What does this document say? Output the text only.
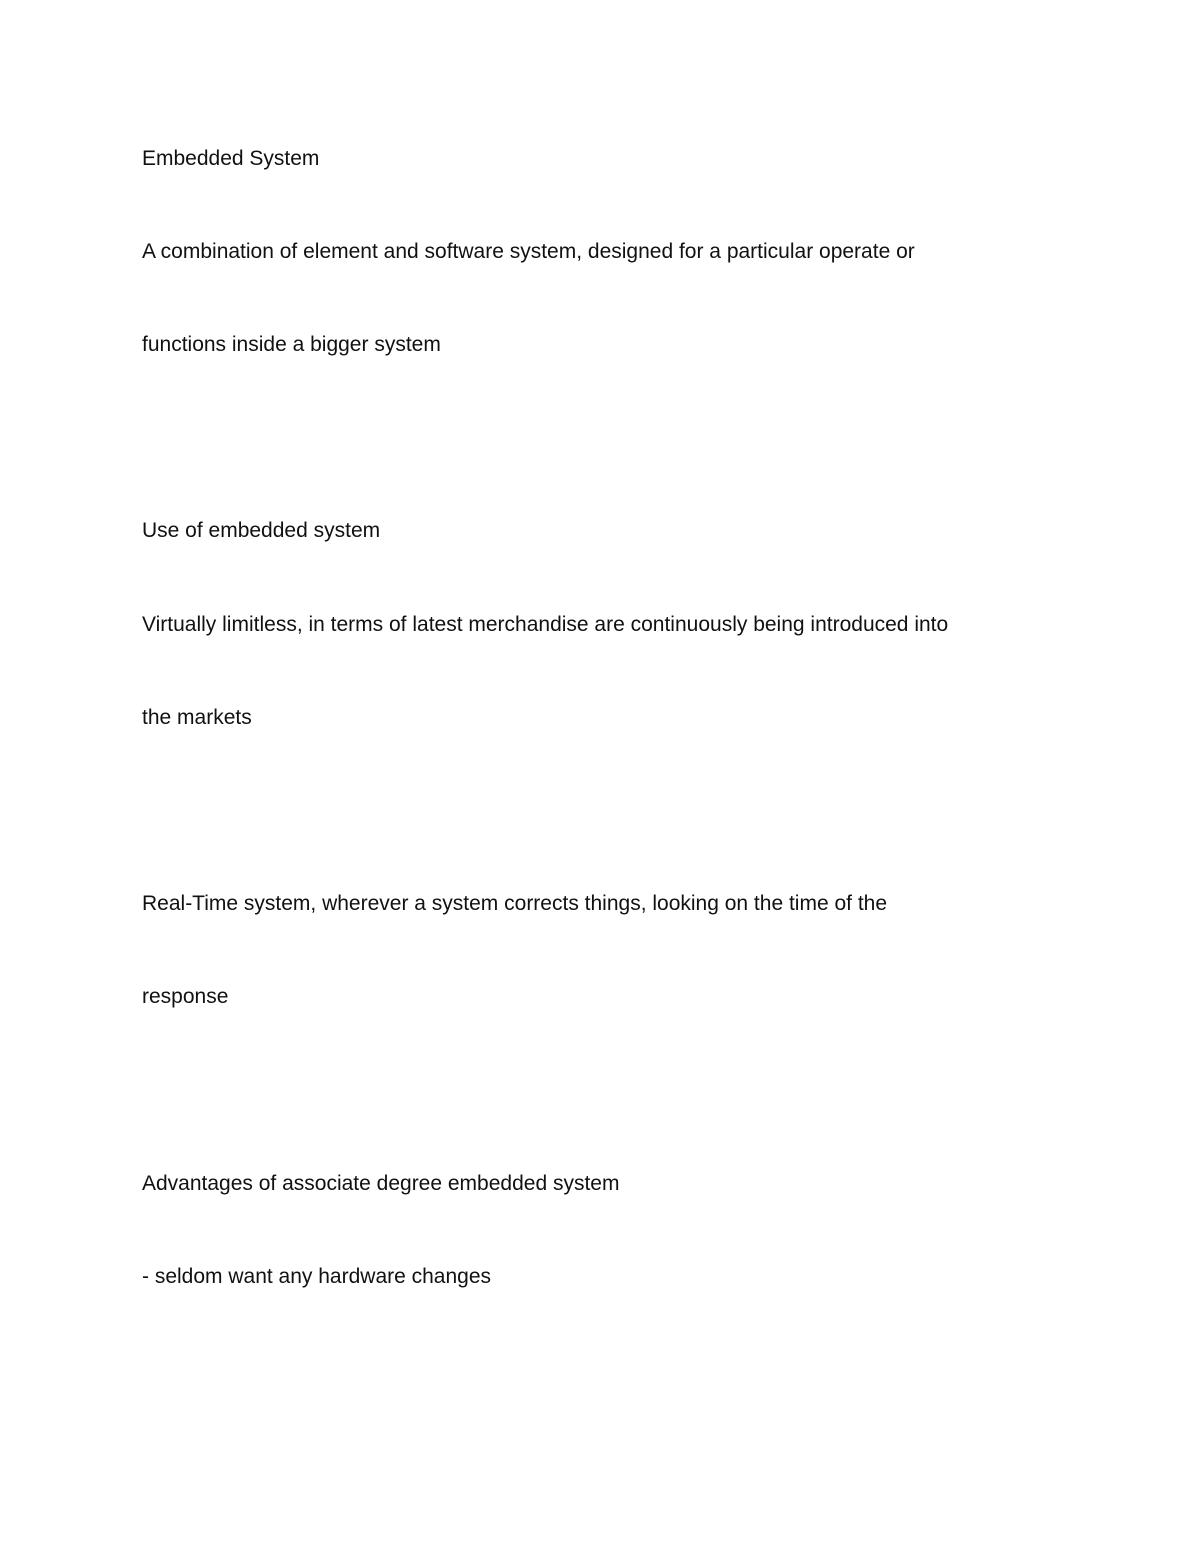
Embedded System

A combination of element and software system, designed for a particular operate or

functions inside a bigger system

Use of embedded system

Virtually limitless, in terms of latest merchandise are continuously being introduced into

the markets

Real-Time system, wherever a system corrects things, looking on the time of the

response

Advantages of associate degree embedded system

- seldom want any hardware changes
